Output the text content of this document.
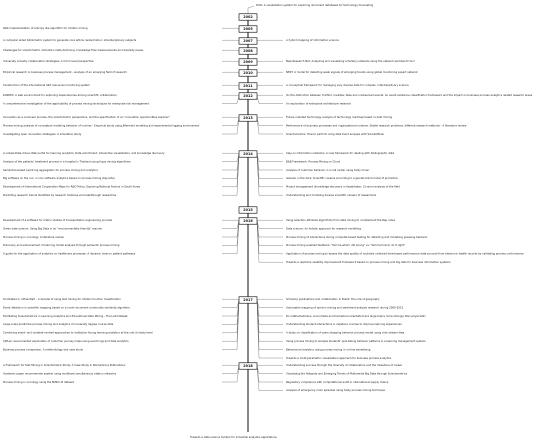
2002
2005
2007
2008
2009
2010
2011
2012
2013
2014
2015
2016
2017
2018
DIVA: A visualization system for exploring document databases for technology forecasting
Web implementation of entropy like algorithm for citation mining
A computer aided bibliometric system to generate core article ranked lists in interdisciplinary subjects	A hybrid mapping of information science
Challenges for scientometric indicators: Data demining, knowledge flow measurements and diversity issues
University industry collaboration strategies: A micro level perspective	New Research Net: Analyzing and visualizing scholarly networks using the network workbench tool
Empirical research in business process management - analysis of an emerging field of research	NEST: A model for detecting weak signals of emerging trends using global monitoring expert network
Construction of the international S&T resources monitoring system	A conceptual framework for managing very diverse data for complex, interdisciplinary science
K-INDEX: A web environment for exploring dependencies among scientific collaborators	On the distinction between truthful, invisible, false and unobserved events: An event existence classification framework and the impact on business process analytics related research areas
A comprehensive investigation of the applicability of process mining techniques for enterprise risk management	An exploration of enterprise architecture research
Innovation as a nonlinear process, the scientometric perspective, and the specification of an "innovation opportunities explorer"	Future-oriented technology analysis of technology roadmap based on text mining
Process mining analysis of conceptual modeling behavior of novices - Empirical study using JMermaid modeling and experimental logging environment	Performance of business processes and organizational routines: Stable research problems, different research methods - A literature review
Investigating open innovation strategies: A simulation study	Scientometrics: How to perform a big data trend analysis with ScientoMiner
A Linked-Data-driven Web portal for learning analytics: Data enrichment, interactive visualization, and knowledge discovery	Clay-on information networks: A new framework for dealing with bibliographic data
Analysis of the patients' treatment process in a hospital in Thailand using fuzzy mining algorithms	B&B Framework: Process Mining on Cloud
Semantics-based event log aggregation for process mining and analytics	Analysis of customer behavior in a call center using fuzzy miner
Big software on the run: in vivo software analytics based on process mining (Keynote)	Gaussin in the dark: Scientific careers according to a gender-blind model of promotion
Development of International Cooperation Maps for R&D Policy: Exploring National Factors in South Korea	Project management (knowledge discovery in Kazakhstan: Co-word analysis of the field
Predicting research trends identified by research histories via breakthrough researches	Understanding and modeling diverse scientific careers of researchers
Development of a software for metric studies of transportation engineering journals	Using selection attribute algorithms from data mining to complement the Rep index
Green data science: Using Big Data in an "environmentally friendly" manner	Data science: An holistic approach for research modelling
Process mining in oncology: A literature review	Process mining of interactions during computer-based testing for detecting and modelling guessing behavior
Discovery and enhancement of learning model analysis through semantic process mining	Process mining enabled feedback: "tell me what I did wrong" vs. "tell me how to do it right"
A guide for the application of analytics on healthcare processes: A dynamic view on patient pathways	Application of process mining to assess the data quality of routinely collected time-based performance data sourced from electronic health records by validating process conformance
Towards a real-time usability improvement framework based on process mining and big data for business information systems
Scrolliated or influential? - A decade of using text mining for citation function classification	Scholarly publications and collaboration in Brazil: The role of geography
Event detection in scientific mapping based on a novel document community similarity algorithm	Automated mapping of opinion mining and sentiment analysis research during 2000-2015
Facilitating Scientometrics in Learning Analytics and Educational Data Mining - The LAK Dataset	Do mathematicians, economists and biomedical scientists trace large topics more strongly than physicists?
Large scale predictive process mining and analytics of university degree course data	Understanding student interactions in capstone courses to improve learning experiences
Combining event- and variable-centred approaches to institution-facing learning analytics at the unit of study level	A study on classification of users shopping behavior process model using click stream data
CJM-ex: Goal-oriented exploration of customer journey maps using event logs and data analytics	Using process mining to analyze students' quiz-taking behavior patterns in a learning management system
Business process comparison: A methodology and case study	Behavioural analytics using process mining in on-line advertising
Towards a multi-parametric visualisation approach for business process analytics
A Framework for Text Mining in Scientometric Study: A Case Study in Biomedicine Publications	Understanding success through the diversity of collaborators and the milestone of career
Academic paper recommender system using multilevel simultaneous citation networks	Visualizing the Hotspots and Emerging Trends of Multimedia Big Data through Scientometrics
Process mining in oncology using the MIMIC-III dataset	Regulatory compliance with computational audit in international supply chains
Analysis of emergency room episodes using fuzzy process mining technique
Towards a data science toolbox for industrial analytics applications
